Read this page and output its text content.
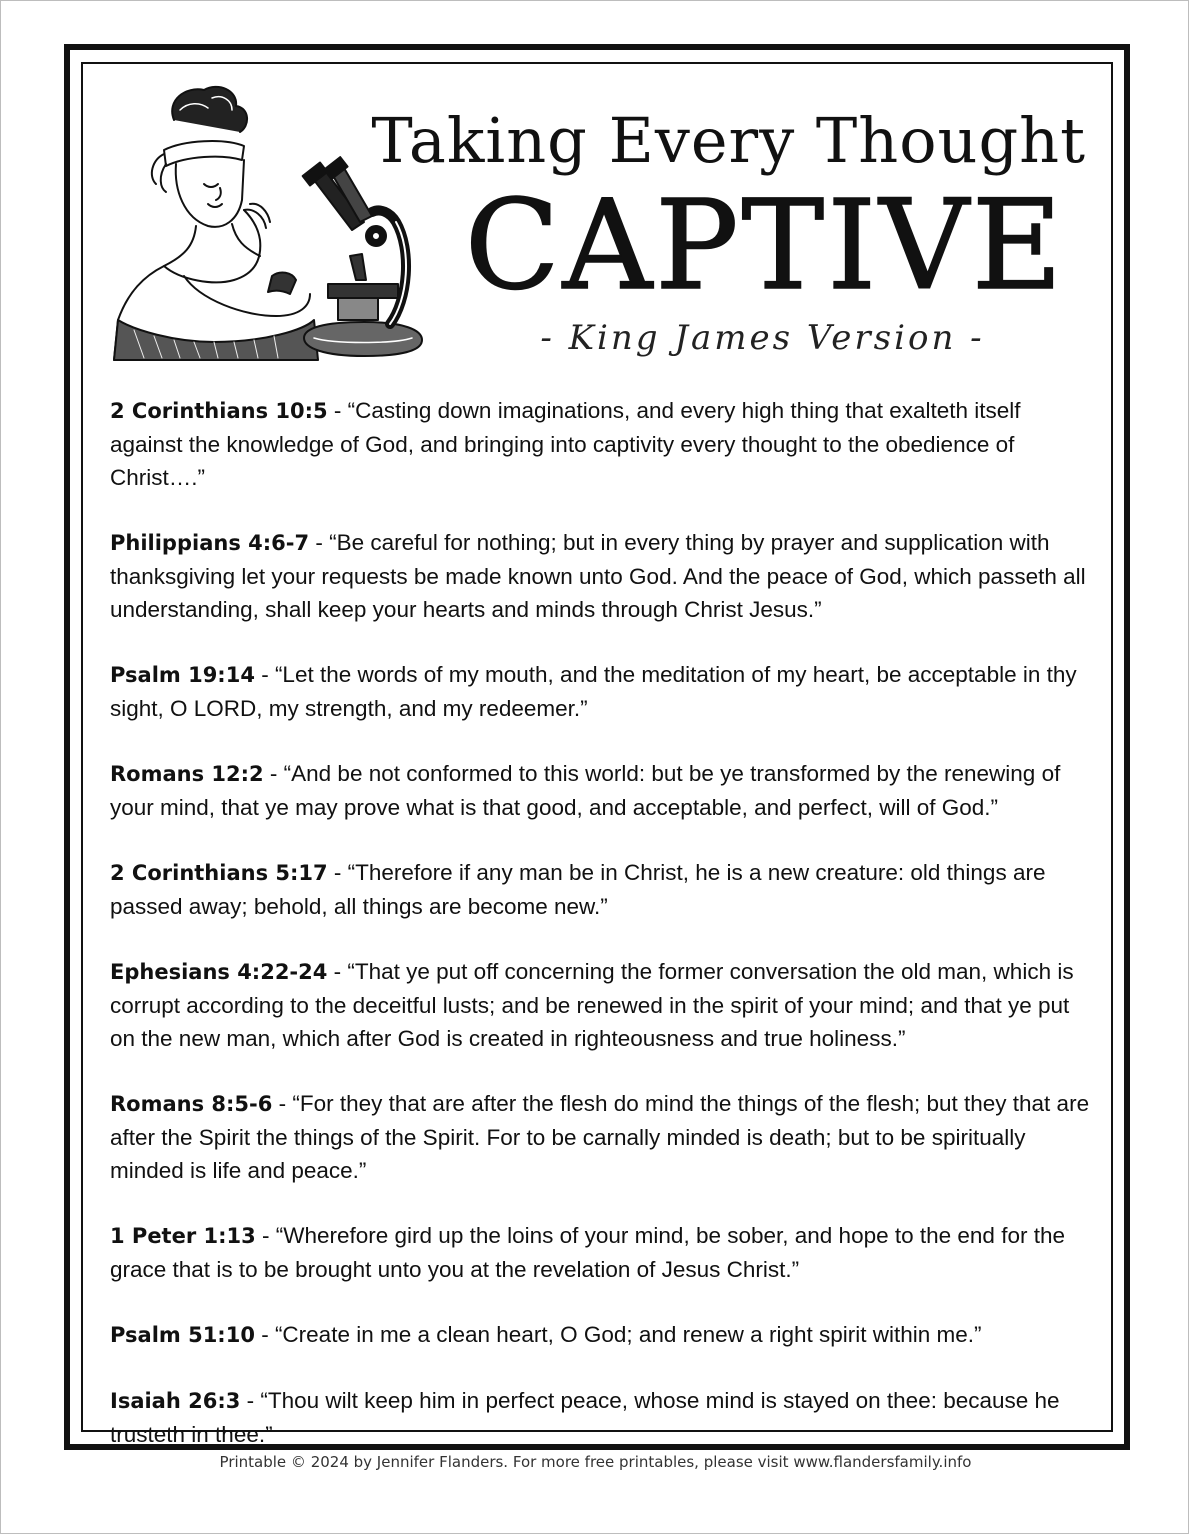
Taking Every Thought
CAPTIVE
- King James Version -

2 Corinthians 10:5 - “Casting down imaginations, and every high thing that exalteth itself against the knowledge of God, and bringing into captivity every thought to the obedience of Christ….”

Philippians 4:6-7 - “Be careful for nothing; but in every thing by prayer and supplication with thanksgiving let your requests be made known unto God. And the peace of God, which passeth all understanding, shall keep your hearts and minds through Christ Jesus.”

Psalm 19:14 - “Let the words of my mouth, and the meditation of my heart, be acceptable in thy sight, O LORD, my strength, and my redeemer.”

Romans 12:2 - “And be not conformed to this world: but be ye transformed by the renewing of your mind, that ye may prove what is that good, and acceptable, and perfect, will of God.”

2 Corinthians 5:17 - “Therefore if any man be in Christ, he is a new creature: old things are passed away; behold, all things are become new.”

Ephesians 4:22-24 - “That ye put off concerning the former conversation the old man, which is corrupt according to the deceitful lusts; and be renewed in the spirit of your mind; and that ye put on the new man, which after God is created in righteousness and true holiness.”

Romans 8:5-6 - “For they that are after the flesh do mind the things of the flesh; but they that are after the Spirit the things of the Spirit. For to be carnally minded is death; but to be spiritually minded is life and peace.”

1 Peter 1:13 - “Wherefore gird up the loins of your mind, be sober, and hope to the end for the grace that is to be brought unto you at the revelation of Jesus Christ.”

Psalm 51:10 - “Create in me a clean heart, O God; and renew a right spirit within me.”

Isaiah 26:3 - “Thou wilt keep him in perfect peace, whose mind is stayed on thee: because he trusteth in thee.”

Printable © 2024 by Jennifer Flanders. For more free printables, please visit www.flandersfamily.info
